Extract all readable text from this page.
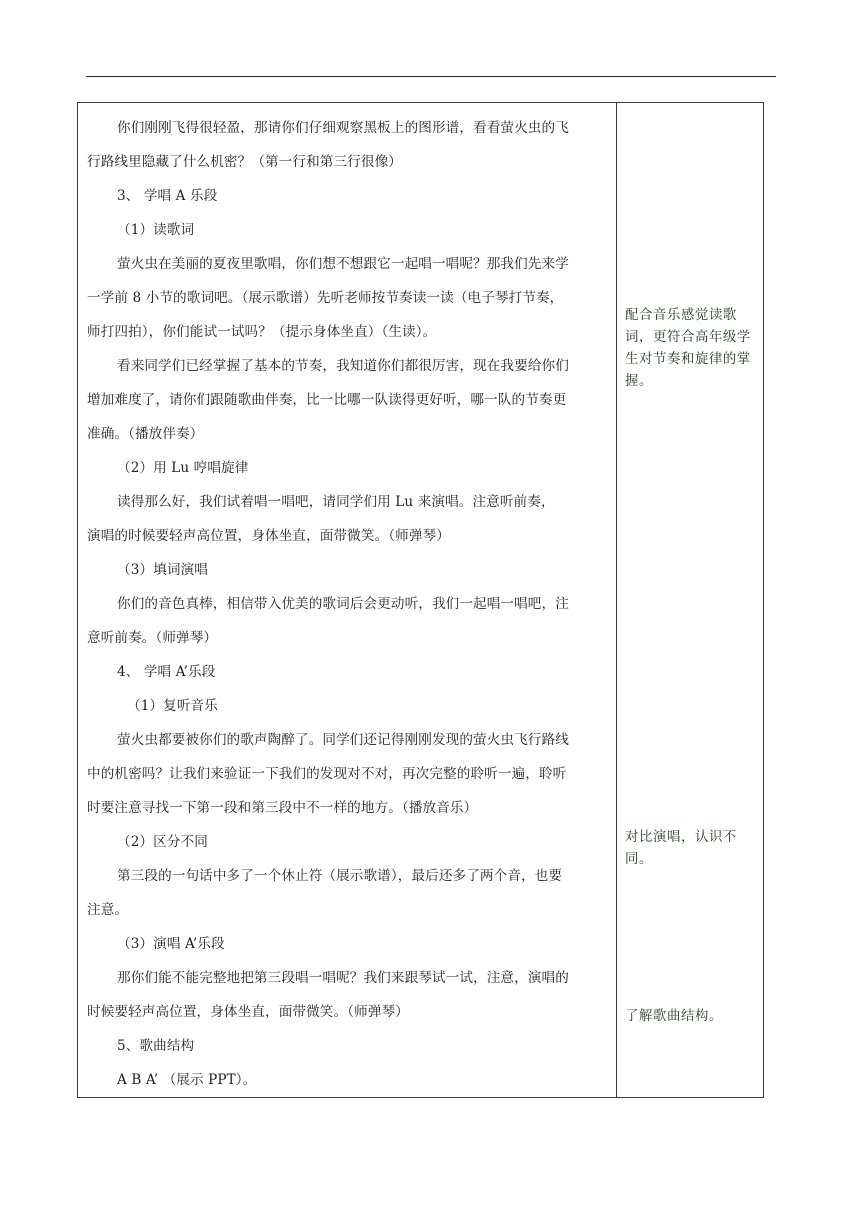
你们刚刚飞得很轻盈，那请你们仔细观察黑板上的图形谱，看看萤火虫的飞
行路线里隐藏了什么机密？（第一行和第三行很像）
3、 学唱 A 乐段
（1）读歌词
萤火虫在美丽的夏夜里歌唱，你们想不想跟它一起唱一唱呢？那我们先来学
一学前 8 小节的歌词吧。（展示歌谱）先听老师按节奏读一读（电子琴打节奏，
师打四拍），你们能试一试吗？（提示身体坐直）（生读）。
看来同学们已经掌握了基本的节奏，我知道你们都很厉害，现在我要给你们
增加难度了，请你们跟随歌曲伴奏，比一比哪一队读得更好听，哪一队的节奏更
准确。（播放伴奏）
（2）用 Lu 哼唱旋律
读得那么好，我们试着唱一唱吧，请同学们用 Lu 来演唱。注意听前奏，
演唱的时候要轻声高位置，身体坐直，面带微笑。（师弹琴）
（3）填词演唱
你们的音色真棒，相信带入优美的歌词后会更动听，我们一起唱一唱吧，注
意听前奏。（师弹琴）
4、 学唱 A’乐段
（1）复听音乐
萤火虫都要被你们的歌声陶醉了。同学们还记得刚刚发现的萤火虫飞行路线
中的机密吗？让我们来验证一下我们的发现对不对，再次完整的聆听一遍，聆听
时要注意寻找一下第一段和第三段中不一样的地方。（播放音乐）
（2）区分不同
第三段的一句话中多了一个休止符（展示歌谱），最后还多了两个音，也要
注意。
（3）演唱 A’乐段
那你们能不能完整地把第三段唱一唱呢？我们来跟琴试一试，注意，演唱的
时候要轻声高位置，身体坐直，面带微笑。（师弹琴）
5、歌曲结构
A B A’ （展示 PPT）。
配合音乐感觉读歌词，更符合高年级学生对节奏和旋律的掌握。
对比演唱，认识不同。
了解歌曲结构。
